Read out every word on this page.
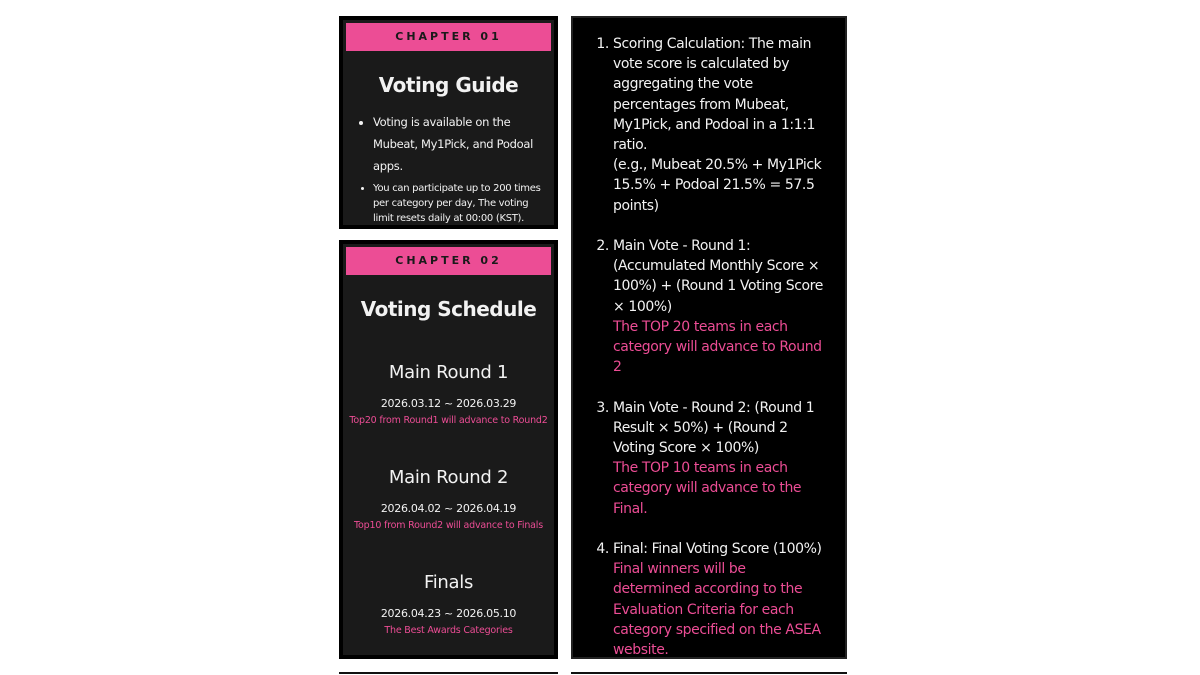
CHAPTER 01
Voting Guide
• Voting is available on the Mubeat, My1Pick, and Podoal apps.
• You can participate up to 200 times per category per day, The voting limit resets daily at 00:00 (KST).
CHAPTER 02
Voting Schedule
Main Round 1
2026.03.12 ~ 2026.03.29
Top20 from Round1 will advance to Round2
Main Round 2
2026.04.02 ~ 2026.04.19
Top10 from Round2 will advance to Finals
Finals
2026.04.23 ~ 2026.05.10
The Best Awards Categories
1. Scoring Calculation: The main vote score is calculated by aggregating the vote percentages from Mubeat, My1Pick, and Podoal in a 1:1:1 ratio.
(e.g., Mubeat 20.5% + My1Pick 15.5% + Podoal 21.5% = 57.5 points)
2. Main Vote - Round 1: (Accumulated Monthly Score × 100%) + (Round 1 Voting Score × 100%)
The TOP 20 teams in each category will advance to Round 2
3. Main Vote - Round 2: (Round 1 Result × 50%) + (Round 2 Voting Score × 100%)
The TOP 10 teams in each category will advance to the Final.
4. Final: Final Voting Score (100%)
Final winners will be determined according to the Evaluation Criteria for each category specified on the ASEA website.
